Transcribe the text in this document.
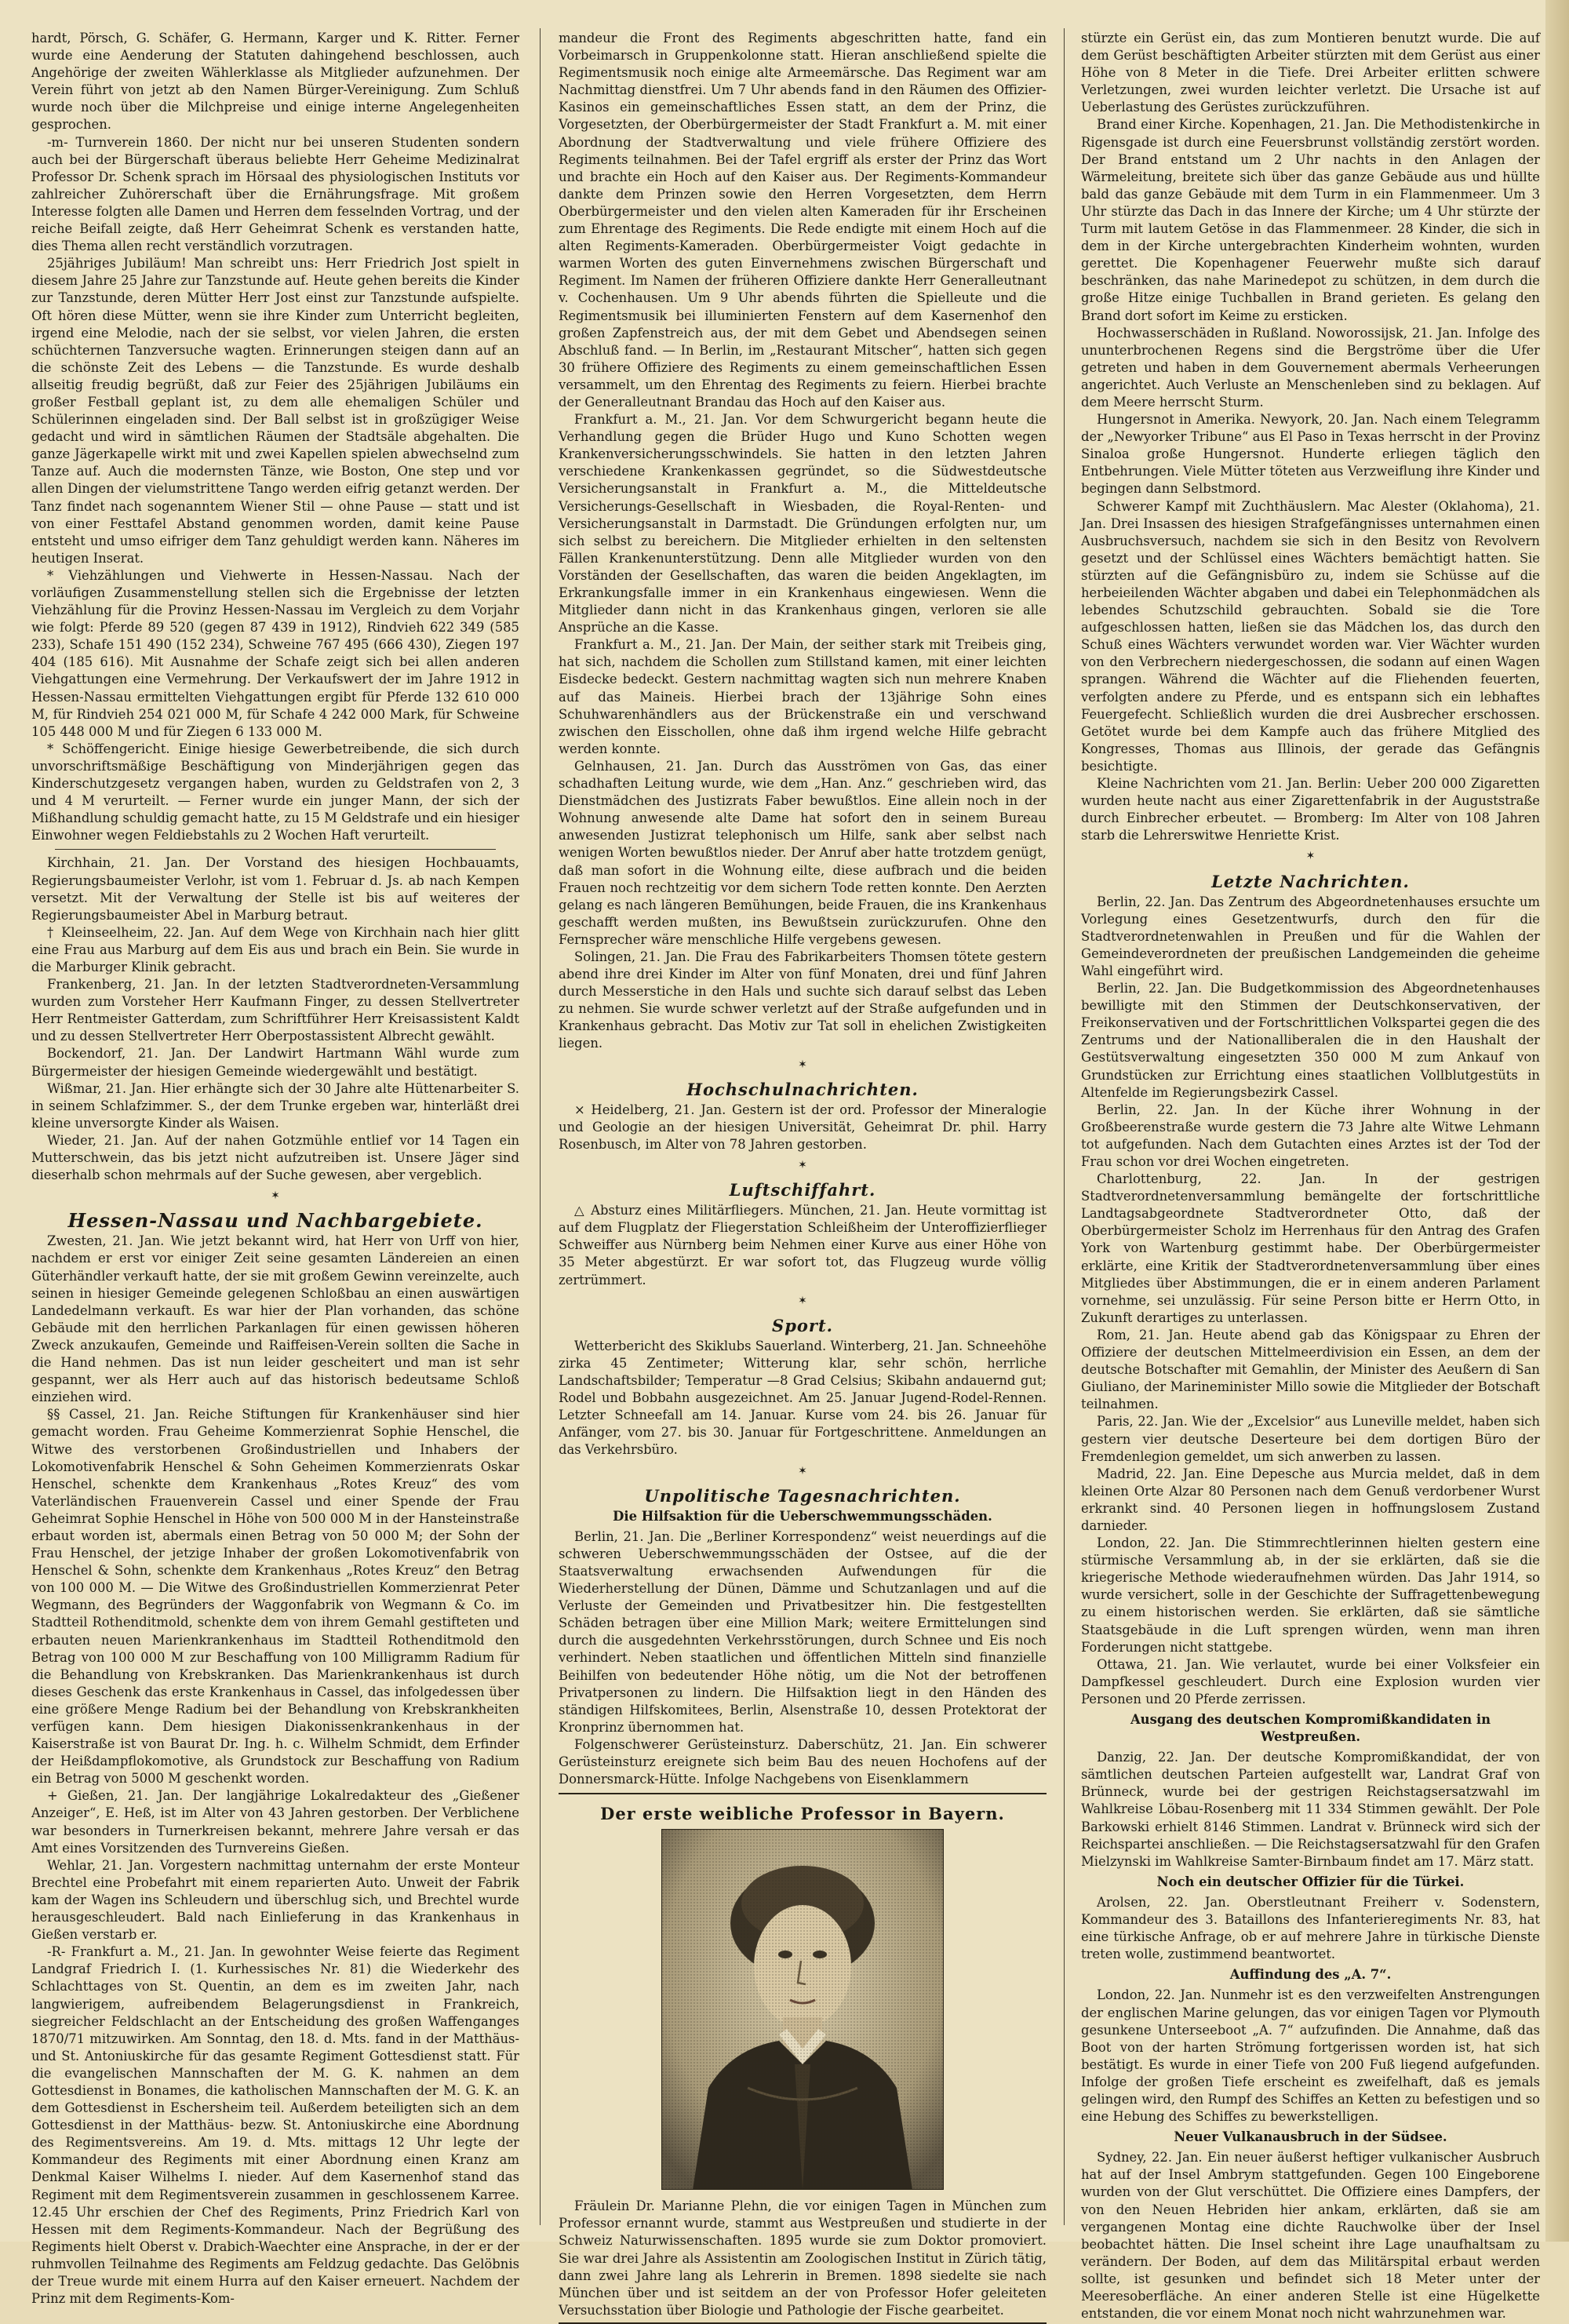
hardt, Pörsch, G. Schäfer, G. Hermann, Karger und K. Ritter. Ferner wurde eine Aenderung der Statuten dahingehend beschlossen, auch Angehörige der zweiten Wählerklasse als Mitglieder aufzunehmen. Der Verein führt von jetzt ab den Namen Bürger-Vereinigung. Zum Schluß wurde noch über die Milchpreise und einige interne Angelegenheiten gesprochen.

-m- Turnverein 1860. Der nicht nur bei unseren Studenten sondern auch bei der Bürgerschaft überaus beliebte Herr Geheime Medizinalrat Professor Dr. Schenk sprach im Hörsaal des physiologischen Instituts vor zahlreicher Zuhörerschaft über die Ernährungsfrage. Mit großem Interesse folgten alle Damen und Herren dem fesselnden Vortrag, und der reiche Beifall zeigte, daß Herr Geheimrat Schenk es verstanden hatte, dies Thema allen recht verständlich vorzutragen.

25jähriges Jubiläum! Man schreibt uns: Herr Friedrich Jost spielt in diesem Jahre 25 Jahre zur Tanzstunde auf. Heute gehen bereits die Kinder zur Tanzstunde, deren Mütter Herr Jost einst zur Tanzstunde aufspielte. Oft hören diese Mütter, wenn sie ihre Kinder zum Unterricht begleiten, irgend eine Melodie, nach der sie selbst, vor vielen Jahren, die ersten schüchternen Tanzversuche wagten. Erinnerungen steigen dann auf an die schönste Zeit des Lebens — die Tanzstunde. Es wurde deshalb allseitig freudig begrüßt, daß zur Feier des 25jährigen Jubiläums ein großer Festball geplant ist, zu dem alle ehemaligen Schüler und Schülerinnen eingeladen sind. Der Ball selbst ist in großzügiger Weise gedacht und wird in sämtlichen Räumen der Stadtsäle abgehalten. Die ganze Jägerkapelle wirkt mit und zwei Kapellen spielen abwechselnd zum Tanze auf. Auch die modernsten Tänze, wie Boston, One step und vor allen Dingen der vielumstrittene Tango werden eifrig getanzt werden. Der Tanz findet nach sogenanntem Wiener Stil — ohne Pause — statt und ist von einer Festtafel Abstand genommen worden, damit keine Pause entsteht und umso eifriger dem Tanz gehuldigt werden kann. Näheres im heutigen Inserat.

* Viehzählungen und Viehwerte in Hessen-Nassau. Nach der vorläufigen Zusammenstellung stellen sich die Ergebnisse der letzten Viehzählung für die Provinz Hessen-Nassau im Vergleich zu dem Vorjahr wie folgt: Pferde 89 520 (gegen 87 439 in 1912), Rindvieh 622 349 (585 233), Schafe 151 490 (152 234), Schweine 767 495 (666 430), Ziegen 197 404 (185 616). Mit Ausnahme der Schafe zeigt sich bei allen anderen Viehgattungen eine Vermehrung. Der Verkaufswert der im Jahre 1912 in Hessen-Nassau ermittelten Viehgattungen ergibt für Pferde 132 610 000 M, für Rindvieh 254 021 000 M, für Schafe 4 242 000 Mark, für Schweine 105 448 000 M und für Ziegen 6 133 000 M.

* Schöffengericht. Einige hiesige Gewerbetreibende, die sich durch unvorschriftsmäßige Beschäftigung von Minderjährigen gegen das Kinderschutzgesetz vergangen haben, wurden zu Geldstrafen von 2, 3 und 4 M verurteilt. — Ferner wurde ein junger Mann, der sich der Mißhandlung schuldig gemacht hatte, zu 15 M Geldstrafe und ein hiesiger Einwohner wegen Feldiebstahls zu 2 Wochen Haft verurteilt.

Kirchhain, 21. Jan. Der Vorstand des hiesigen Hochbauamts, Regierungsbaumeister Verlohr, ist vom 1. Februar d. Js. ab nach Kempen versetzt. Mit der Verwaltung der Stelle ist bis auf weiteres der Regierungsbaumeister Abel in Marburg betraut.

† Kleinseelheim, 22. Jan. Auf dem Wege von Kirchhain nach hier glitt eine Frau aus Marburg auf dem Eis aus und brach ein Bein. Sie wurde in die Marburger Klinik gebracht.

Frankenberg, 21. Jan. In der letzten Stadtverordneten-Versammlung wurden zum Vorsteher Herr Kaufmann Finger, zu dessen Stellvertreter Herr Rentmeister Gatterdam, zum Schriftführer Herr Kreisassistent Kaldt und zu dessen Stellvertreter Herr Oberpostassistent Albrecht gewählt.

Bockendorf, 21. Jan. Der Landwirt Hartmann Wähl wurde zum Bürgermeister der hiesigen Gemeinde wiedergewählt und bestätigt.

Wißmar, 21. Jan. Hier erhängte sich der 30 Jahre alte Hüttenarbeiter S. in seinem Schlafzimmer. S., der dem Trunke ergeben war, hinterläßt drei kleine unversorgte Kinder als Waisen.

Wieder, 21. Jan. Auf der nahen Gotzmühle entlief vor 14 Tagen ein Mutterschwein, das bis jetzt nicht aufzutreiben ist. Unsere Jäger sind dieserhalb schon mehrmals auf der Suche gewesen, aber vergeblich.

✶
Hessen-Nassau und Nachbargebiete.

Zwesten, 21. Jan. Wie jetzt bekannt wird, hat Herr von Urff von hier, nachdem er erst vor einiger Zeit seine gesamten Ländereien an einen Güterhändler verkauft hatte, der sie mit großem Gewinn vereinzelte, auch seinen in hiesiger Gemeinde gelegenen Schloßbau an einen auswärtigen Landedelmann verkauft. Es war hier der Plan vorhanden, das schöne Gebäude mit den herrlichen Parkanlagen für einen gewissen höheren Zweck anzukaufen, Gemeinde und Raiffeisen-Verein sollten die Sache in die Hand nehmen. Das ist nun leider gescheitert und man ist sehr gespannt, wer als Herr auch auf das historisch bedeutsame Schloß einziehen wird.

§§ Cassel, 21. Jan. Reiche Stiftungen für Krankenhäuser sind hier gemacht worden. Frau Geheime Kommerzienrat Sophie Henschel, die Witwe des verstorbenen Großindustriellen und Inhabers der Lokomotivenfabrik Henschel & Sohn Geheimen Kommerzienrats Oskar Henschel, schenkte dem Krankenhaus „Rotes Kreuz“ des vom Vaterländischen Frauenverein Cassel und einer Spende der Frau Geheimrat Sophie Henschel in Höhe von 500 000 M in der Hansteinstraße erbaut worden ist, abermals einen Betrag von 50 000 M; der Sohn der Frau Henschel, der jetzige Inhaber der großen Lokomotivenfabrik von Henschel & Sohn, schenkte dem Krankenhaus „Rotes Kreuz“ den Betrag von 100 000 M. — Die Witwe des Großindustriellen Kommerzienrat Peter Wegmann, des Begründers der Waggonfabrik von Wegmann & Co. im Stadtteil Rothenditmold, schenkte dem von ihrem Gemahl gestifteten und erbauten neuen Marienkrankenhaus im Stadtteil Rothenditmold den Betrag von 100 000 M zur Beschaffung von 100 Milligramm Radium für die Behandlung von Krebskranken. Das Marienkrankenhaus ist durch dieses Geschenk das erste Krankenhaus in Cassel, das infolgedessen über eine größere Menge Radium bei der Behandlung von Krebskrankheiten verfügen kann. Dem hiesigen Diakonissenkrankenhaus in der Kaiserstraße ist von Baurat Dr. Ing. h. c. Wilhelm Schmidt, dem Erfinder der Heißdampflokomotive, als Grundstock zur Beschaffung von Radium ein Betrag von 5000 M geschenkt worden.

+ Gießen, 21. Jan. Der langjährige Lokalredakteur des „Gießener Anzeiger“, E. Heß, ist im Alter von 43 Jahren gestorben. Der Verblichene war besonders in Turnerkreisen bekannt, mehrere Jahre versah er das Amt eines Vorsitzenden des Turnvereins Gießen.

Wehlar, 21. Jan. Vorgestern nachmittag unternahm der erste Monteur Brechtel eine Probefahrt mit einem reparierten Auto. Unweit der Fabrik kam der Wagen ins Schleudern und überschlug sich, und Brechtel wurde herausgeschleudert. Bald nach Einlieferung in das Krankenhaus in Gießen verstarb er.

-R- Frankfurt a. M., 21. Jan. In gewohnter Weise feierte das Regiment Landgraf Friedrich I. (1. Kurhessisches Nr. 81) die Wiederkehr des Schlachttages von St. Quentin, an dem es im zweiten Jahr, nach langwierigem, aufreibendem Belagerungsdienst in Frankreich, siegreicher Feldschlacht an der Entscheidung des großen Waffenganges 1870/71 mitzuwirken. Am Sonntag, den 18. d. Mts. fand in der Matthäus- und St. Antoniuskirche für das gesamte Regiment Gottesdienst statt. Für die evangelischen Mannschaften der M. G. K. nahmen an dem Gottesdienst in Bonames, die katholischen Mannschaften der M. G. K. an dem Gottesdienst in Eschersheim teil. Außerdem beteiligten sich an dem Gottesdienst in der Matthäus- bezw. St. Antoniuskirche eine Abordnung des Regimentsvereins. Am 19. d. Mts. mittags 12 Uhr legte der Kommandeur des Regiments mit einer Abordnung einen Kranz am Denkmal Kaiser Wilhelms I. nieder. Auf dem Kasernenhof stand das Regiment mit dem Regimentsverein zusammen in geschlossenem Karree. 12.45 Uhr erschien der Chef des Regiments, Prinz Friedrich Karl von Hessen mit dem Regiments-Kommandeur. Nach der Begrüßung des Regiments hielt Oberst v. Drabich-Waechter eine Ansprache, in der er der ruhmvollen Teilnahme des Regiments am Feldzug gedachte. Das Gelöbnis der Treue wurde mit einem Hurra auf den Kaiser erneuert. Nachdem der Prinz mit dem Regiments-Kom-

mandeur die Front des Regiments abgeschritten hatte, fand ein Vorbeimarsch in Gruppenkolonne statt. Hieran anschließend spielte die Regimentsmusik noch einige alte Armeemärsche. Das Regiment war am Nachmittag dienstfrei. Um 7 Uhr abends fand in den Räumen des Offizier-Kasinos ein gemeinschaftliches Essen statt, an dem der Prinz, die Vorgesetzten, der Oberbürgermeister der Stadt Frankfurt a. M. mit einer Abordnung der Stadtverwaltung und viele frühere Offiziere des Regiments teilnahmen. Bei der Tafel ergriff als erster der Prinz das Wort und brachte ein Hoch auf den Kaiser aus. Der Regiments-Kommandeur dankte dem Prinzen sowie den Herren Vorgesetzten, dem Herrn Oberbürgermeister und den vielen alten Kameraden für ihr Erscheinen zum Ehrentage des Regiments. Die Rede endigte mit einem Hoch auf die alten Regiments-Kameraden. Oberbürgermeister Voigt gedachte in warmen Worten des guten Einvernehmens zwischen Bürgerschaft und Regiment. Im Namen der früheren Offiziere dankte Herr Generalleutnant v. Cochenhausen. Um 9 Uhr abends führten die Spielleute und die Regimentsmusik bei illuminierten Fenstern auf dem Kasernenhof den großen Zapfenstreich aus, der mit dem Gebet und Abendsegen seinen Abschluß fand. — In Berlin, im „Restaurant Mitscher“, hatten sich gegen 30 frühere Offiziere des Regiments zu einem gemeinschaftlichen Essen versammelt, um den Ehrentag des Regiments zu feiern. Hierbei brachte der Generalleutnant Brandau das Hoch auf den Kaiser aus.

Frankfurt a. M., 21. Jan. Vor dem Schwurgericht begann heute die Verhandlung gegen die Brüder Hugo und Kuno Schotten wegen Krankenversicherungsschwindels. Sie hatten in den letzten Jahren verschiedene Krankenkassen gegründet, so die Südwestdeutsche Versicherungsanstalt in Frankfurt a. M., die Mitteldeutsche Versicherungs-Gesellschaft in Wiesbaden, die Royal-Renten- und Versicherungsanstalt in Darmstadt. Die Gründungen erfolgten nur, um sich selbst zu bereichern. Die Mitglieder erhielten in den seltensten Fällen Krankenunterstützung. Denn alle Mitglieder wurden von den Vorständen der Gesellschaften, das waren die beiden Angeklagten, im Erkrankungsfalle immer in ein Krankenhaus eingewiesen. Wenn die Mitglieder dann nicht in das Krankenhaus gingen, verloren sie alle Ansprüche an die Kasse.

Frankfurt a. M., 21. Jan. Der Main, der seither stark mit Treibeis ging, hat sich, nachdem die Schollen zum Stillstand kamen, mit einer leichten Eisdecke bedeckt. Gestern nachmittag wagten sich nun mehrere Knaben auf das Maineis. Hierbei brach der 13jährige Sohn eines Schuhwarenhändlers aus der Brückenstraße ein und verschwand zwischen den Eisschollen, ohne daß ihm irgend welche Hilfe gebracht werden konnte.

Gelnhausen, 21. Jan. Durch das Ausströmen von Gas, das einer schadhaften Leitung wurde, wie dem „Han. Anz.“ geschrieben wird, das Dienstmädchen des Justizrats Faber bewußtlos. Eine allein noch in der Wohnung anwesende alte Dame hat sofort den in seinem Bureau anwesenden Justizrat telephonisch um Hilfe, sank aber selbst nach wenigen Worten bewußtlos nieder. Der Anruf aber hatte trotzdem genügt, daß man sofort in die Wohnung eilte, diese aufbrach und die beiden Frauen noch rechtzeitig vor dem sichern Tode retten konnte. Den Aerzten gelang es nach längeren Bemühungen, beide Frauen, die ins Krankenhaus geschafft werden mußten, ins Bewußtsein zurückzurufen. Ohne den Fernsprecher wäre menschliche Hilfe vergebens gewesen.

Solingen, 21. Jan. Die Frau des Fabrikarbeiters Thomsen tötete gestern abend ihre drei Kinder im Alter von fünf Monaten, drei und fünf Jahren durch Messerstiche in den Hals und suchte sich darauf selbst das Leben zu nehmen. Sie wurde schwer verletzt auf der Straße aufgefunden und in Krankenhaus gebracht. Das Motiv zur Tat soll in ehelichen Zwistigkeiten liegen.

✶
Hochschulnachrichten.

× Heidelberg, 21. Jan. Gestern ist der ord. Professor der Mineralogie und Geologie an der hiesigen Universität, Geheimrat Dr. phil. Harry Rosenbusch, im Alter von 78 Jahren gestorben.

✶
Luftschiffahrt.

△ Absturz eines Militärfliegers. München, 21. Jan. Heute vormittag ist auf dem Flugplatz der Fliegerstation Schleißheim der Unteroffizierflieger Schweiffer aus Nürnberg beim Nehmen einer Kurve aus einer Höhe von 35 Meter abgestürzt. Er war sofort tot, das Flugzeug wurde völlig zertrümmert.

✶
Sport.

Wetterbericht des Skiklubs Sauerland. Winterberg, 21. Jan. Schneehöhe zirka 45 Zentimeter; Witterung klar, sehr schön, herrliche Landschaftsbilder; Temperatur —8 Grad Celsius; Skibahn andauernd gut; Rodel und Bobbahn ausgezeichnet. Am 25. Januar Jugend-Rodel-Rennen. Letzter Schneefall am 14. Januar. Kurse vom 24. bis 26. Januar für Anfänger, vom 27. bis 30. Januar für Fortgeschrittene. Anmeldungen an das Verkehrsbüro.

✶
Unpolitische Tagesnachrichten.
Die Hilfsaktion für die Ueberschwemmungsschäden.

Berlin, 21. Jan. Die „Berliner Korrespondenz“ weist neuerdings auf die schweren Ueberschwemmungsschäden der Ostsee, auf die der Staatsverwaltung erwachsenden Aufwendungen für die Wiederherstellung der Dünen, Dämme und Schutzanlagen und auf die Verluste der Gemeinden und Privatbesitzer hin. Die festgestellten Schäden betragen über eine Million Mark; weitere Ermittelungen sind durch die ausgedehnten Verkehrsstörungen, durch Schnee und Eis noch verhindert. Neben staatlichen und öffentlichen Mitteln sind finanzielle Beihilfen von bedeutender Höhe nötig, um die Not der betroffenen Privatpersonen zu lindern. Die Hilfsaktion liegt in den Händen des ständigen Hilfskomitees, Berlin, Alsenstraße 10, dessen Protektorat der Kronprinz übernommen hat.

Folgenschwerer Gerüsteinsturz. Daberschütz, 21. Jan. Ein schwerer Gerüsteinsturz ereignete sich beim Bau des neuen Hochofens auf der Donnersmarck-Hütte. Infolge Nachgebens von Eisenklammern

Der erste weibliche Professor in Bayern.

Fräulein Dr. Marianne Plehn, die vor einigen Tagen in München zum Professor ernannt wurde, stammt aus Westpreußen und studierte in der Schweiz Naturwissenschaften. 1895 wurde sie zum Doktor promoviert. Sie war drei Jahre als Assistentin am Zoologischen Institut in Zürich tätig, dann zwei Jahre lang als Lehrerin in Bremen. 1898 siedelte sie nach München über und ist seitdem an der von Professor Hofer geleiteten Versuchsstation über Biologie und Pathologie der Fische gearbeitet.

stürzte ein Gerüst ein, das zum Montieren benutzt wurde. Die auf dem Gerüst beschäftigten Arbeiter stürzten mit dem Gerüst aus einer Höhe von 8 Meter in die Tiefe. Drei Arbeiter erlitten schwere Verletzungen, zwei wurden leichter verletzt. Die Ursache ist auf Ueberlastung des Gerüstes zurückzuführen.

Brand einer Kirche. Kopenhagen, 21. Jan. Die Methodistenkirche in Rigensgade ist durch eine Feuersbrunst vollständig zerstört worden. Der Brand entstand um 2 Uhr nachts in den Anlagen der Wärmeleitung, breitete sich über das ganze Gebäude aus und hüllte bald das ganze Gebäude mit dem Turm in ein Flammenmeer. Um 3 Uhr stürzte das Dach in das Innere der Kirche; um 4 Uhr stürzte der Turm mit lautem Getöse in das Flammenmeer. 28 Kinder, die sich in dem in der Kirche untergebrachten Kinderheim wohnten, wurden gerettet. Die Kopenhagener Feuerwehr mußte sich darauf beschränken, das nahe Marinedepot zu schützen, in dem durch die große Hitze einige Tuchballen in Brand gerieten. Es gelang den Brand dort sofort im Keime zu ersticken.

Hochwasserschäden in Rußland. Noworossijsk, 21. Jan. Infolge des ununterbrochenen Regens sind die Bergströme über die Ufer getreten und haben in dem Gouvernement abermals Verheerungen angerichtet. Auch Verluste an Menschenleben sind zu beklagen. Auf dem Meere herrscht Sturm.

Hungersnot in Amerika. Newyork, 20. Jan. Nach einem Telegramm der „Newyorker Tribune“ aus El Paso in Texas herrscht in der Provinz Sinaloa große Hungersnot. Hunderte erliegen täglich den Entbehrungen. Viele Mütter töteten aus Verzweiflung ihre Kinder und begingen dann Selbstmord.

Schwerer Kampf mit Zuchthäuslern. Mac Alester (Oklahoma), 21. Jan. Drei Insassen des hiesigen Strafgefängnisses unternahmen einen Ausbruchsversuch, nachdem sie sich in den Besitz von Revolvern gesetzt und der Schlüssel eines Wächters bemächtigt hatten. Sie stürzten auf die Gefängnisbüro zu, indem sie Schüsse auf die herbeieilenden Wächter abgaben und dabei ein Telephonmädchen als lebendes Schutzschild gebrauchten. Sobald sie die Tore aufgeschlossen hatten, ließen sie das Mädchen los, das durch den Schuß eines Wächters verwundet worden war. Vier Wächter wurden von den Verbrechern niedergeschossen, die sodann auf einen Wagen sprangen. Während die Wächter auf die Fliehenden feuerten, verfolgten andere zu Pferde, und es entspann sich ein lebhaftes Feuergefecht. Schließlich wurden die drei Ausbrecher erschossen. Getötet wurde bei dem Kampfe auch das frühere Mitglied des Kongresses, Thomas aus Illinois, der gerade das Gefängnis besichtigte.

Kleine Nachrichten vom 21. Jan. Berlin: Ueber 200 000 Zigaretten wurden heute nacht aus einer Zigarettenfabrik in der Auguststraße durch Einbrecher erbeutet. — Bromberg: Im Alter von 108 Jahren starb die Lehrerswitwe Henriette Krist.

✶
Letzte Nachrichten.

Berlin, 22. Jan. Das Zentrum des Abgeordnetenhauses ersuchte um Vorlegung eines Gesetzentwurfs, durch den für die Stadtverordnetenwahlen in Preußen und für die Wahlen der Gemeindeverordneten der preußischen Landgemeinden die geheime Wahl eingeführt wird.

Berlin, 22. Jan. Die Budgetkommission des Abgeordnetenhauses bewilligte mit den Stimmen der Deutschkonservativen, der Freikonservativen und der Fortschrittlichen Volkspartei gegen die des Zentrums und der Nationalliberalen die in den Haushalt der Gestütsverwaltung eingesetzten 350 000 M zum Ankauf von Grundstücken zur Errichtung eines staatlichen Vollblutgestüts in Altenfelde im Regierungsbezirk Cassel.

Berlin, 22. Jan. In der Küche ihrer Wohnung in der Großbeerenstraße wurde gestern die 73 Jahre alte Witwe Lehmann tot aufgefunden. Nach dem Gutachten eines Arztes ist der Tod der Frau schon vor drei Wochen eingetreten.

Charlottenburg, 22. Jan. In der gestrigen Stadtverordnetenversammlung bemängelte der fortschrittliche Landtagsabgeordnete Stadtverordneter Otto, daß der Oberbürgermeister Scholz im Herrenhaus für den Antrag des Grafen York von Wartenburg gestimmt habe. Der Oberbürgermeister erklärte, eine Kritik der Stadtverordnetenversammlung über eines Mitgliedes über Abstimmungen, die er in einem anderen Parlament vornehme, sei unzulässig. Für seine Person bitte er Herrn Otto, in Zukunft derartiges zu unterlassen.

Rom, 21. Jan. Heute abend gab das Königspaar zu Ehren der Offiziere der deutschen Mittelmeerdivision ein Essen, an dem der deutsche Botschafter mit Gemahlin, der Minister des Aeußern di San Giuliano, der Marineminister Millo sowie die Mitglieder der Botschaft teilnahmen.

Paris, 22. Jan. Wie der „Excelsior“ aus Luneville meldet, haben sich gestern vier deutsche Deserteure bei dem dortigen Büro der Fremdenlegion gemeldet, um sich anwerben zu lassen.

Madrid, 22. Jan. Eine Depesche aus Murcia meldet, daß in dem kleinen Orte Alzar 80 Personen nach dem Genuß verdorbener Wurst erkrankt sind. 40 Personen liegen in hoffnungslosem Zustand darnieder.

London, 22. Jan. Die Stimmrechtlerinnen hielten gestern eine stürmische Versammlung ab, in der sie erklärten, daß sie die kriegerische Methode wiederaufnehmen würden. Das Jahr 1914, so wurde versichert, solle in der Geschichte der Suffragettenbewegung zu einem historischen werden. Sie erklärten, daß sie sämtliche Staatsgebäude in die Luft sprengen würden, wenn man ihren Forderungen nicht stattgebe.

Ottawa, 21. Jan. Wie verlautet, wurde bei einer Volksfeier ein Dampfkessel geschleudert. Durch eine Explosion wurden vier Personen und 20 Pferde zerrissen.

Ausgang des deutschen Kompromißkandidaten in Westpreußen.

Danzig, 22. Jan. Der deutsche Kompromißkandidat, der von sämtlichen deutschen Parteien aufgestellt war, Landrat Graf von Brünneck, wurde bei der gestrigen Reichstagsersatzwahl im Wahlkreise Löbau-Rosenberg mit 11 334 Stimmen gewählt. Der Pole Barkowski erhielt 8146 Stimmen. Landrat v. Brünneck wird sich der Reichspartei anschließen. — Die Reichstagsersatzwahl für den Grafen Mielzynski im Wahlkreise Samter-Birnbaum findet am 17. März statt.

Noch ein deutscher Offizier für die Türkei.

Arolsen, 22. Jan. Oberstleutnant Freiherr v. Sodenstern, Kommandeur des 3. Bataillons des Infanterieregiments Nr. 83, hat eine türkische Anfrage, ob er auf mehrere Jahre in türkische Dienste treten wolle, zustimmend beantwortet.

Auffindung des „A. 7“.

London, 22. Jan. Nunmehr ist es den verzweifelten Anstrengungen der englischen Marine gelungen, das vor einigen Tagen vor Plymouth gesunkene Unterseeboot „A. 7“ aufzufinden. Die Annahme, daß das Boot von der harten Strömung fortgerissen worden ist, hat sich bestätigt. Es wurde in einer Tiefe von 200 Fuß liegend aufgefunden. Infolge der großen Tiefe erscheint es zweifelhaft, daß es jemals gelingen wird, den Rumpf des Schiffes an Ketten zu befestigen und so eine Hebung des Schiffes zu bewerkstelligen.

Neuer Vulkanausbruch in der Südsee.

Sydney, 22. Jan. Ein neuer äußerst heftiger vulkanischer Ausbruch hat auf der Insel Ambrym stattgefunden. Gegen 100 Eingeborene wurden von der Glut verschüttet. Die Offiziere eines Dampfers, der von den Neuen Hebriden hier ankam, erklärten, daß sie am vergangenen Montag eine dichte Rauchwolke über der Insel beobachtet hätten. Die Insel scheint ihre Lage unaufhaltsam zu verändern. Der Boden, auf dem das Militärspital erbaut werden sollte, ist gesunken und befindet sich 18 Meter unter der Meeresoberfläche. An einer anderen Stelle ist eine Hügelkette entstanden, die vor einem Monat noch nicht wahrzunehmen war.
